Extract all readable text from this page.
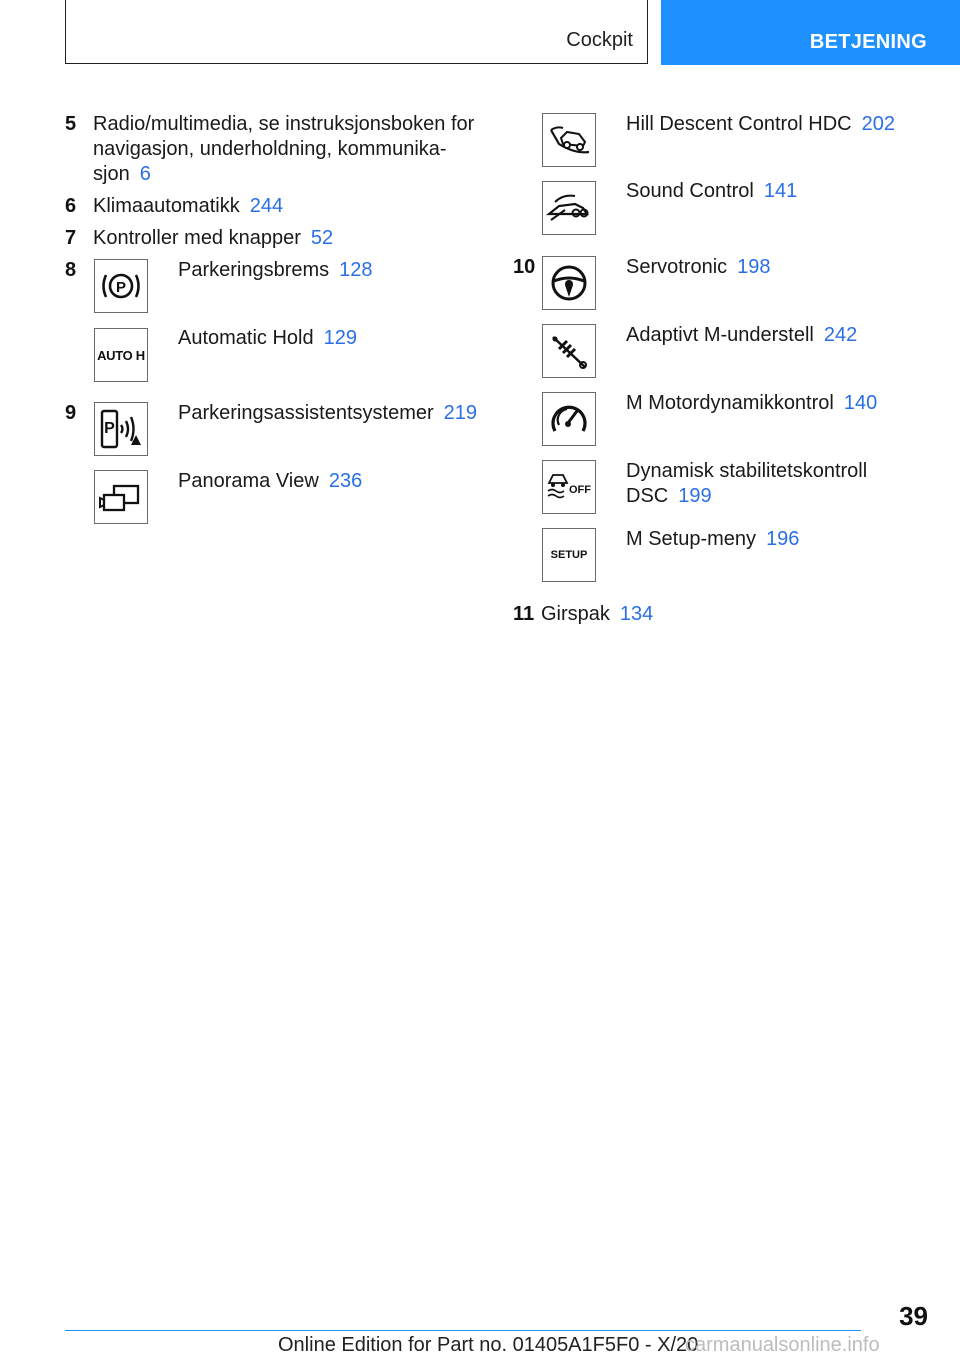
Cockpit	BETJENING
5 Radio/multimedia, se instruksjonsboken for
navigasjon, underholdning, kommunika-
sjon 6
6 Klimaautomatikk 244
7 Kontroller med knapper 52
8
P
Parkeringsbrems 128
AUTO H
Automatic Hold 129
9
P
Parkeringsassistentsystemer 219
Panorama View 236
Hill Descent Control HDC 202
Sound Control 141
10	Servotronic 198
Adaptivt M-understell 242
M Motordynamikkontrol 140
OFF
Dynamisk stabilitetskontroll
DSC 199
SETUP
M Setup-meny 196
11 Girspak 134
39
Online Edition for Part no. 01405A1F5F0 - X/20
carmanualsonline.info
